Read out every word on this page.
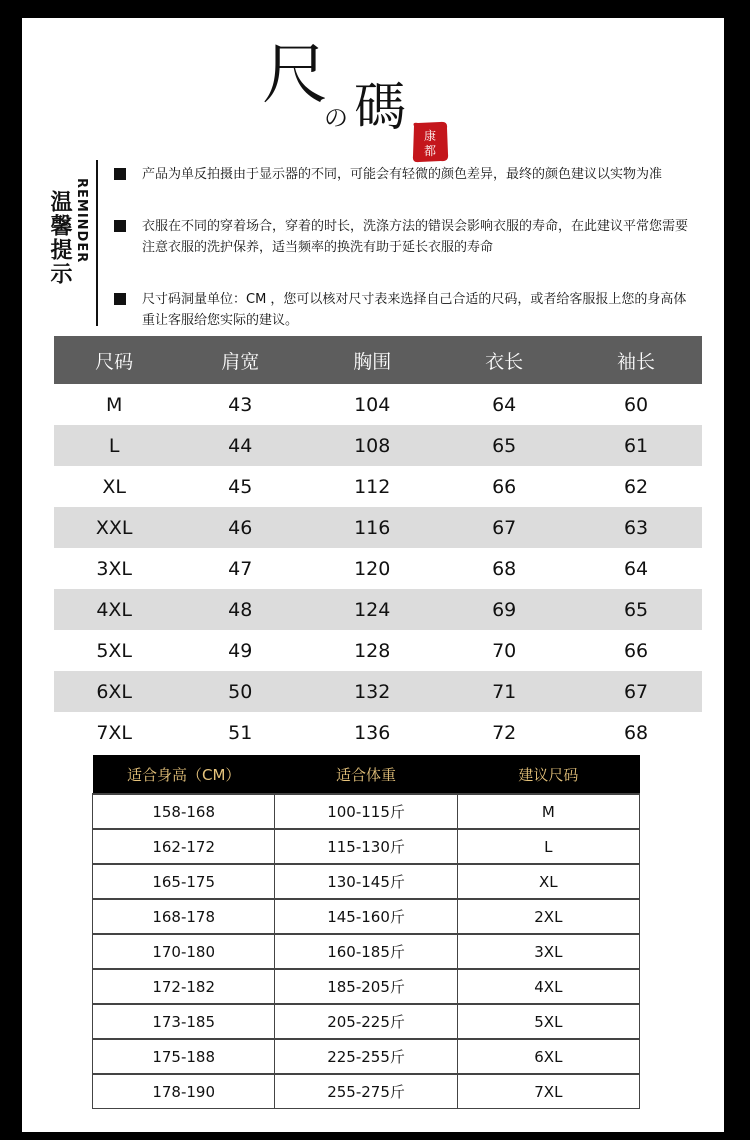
尺
の 碼 康
都
温馨提示 REMINDER
产品为单反拍摄由于显示器的不同，可能会有轻微的颜色差异，最终的颜色建议以实物为准
衣服在不同的穿着场合，穿着的时长，洗涤方法的错误会影响衣服的寿命，在此建议平常您需要注意衣服的洗护保养，适当频率的换洗有助于延长衣服的寿命
尺寸码洞量单位：CM ，您可以核对尺寸表来选择自己合适的尺码，或者给客服报上您的身高体重让客服给您实际的建议。
尺码	肩宽	胸围	衣长	袖长
M	43	104	64	60
L	44	108	65	61
XL	45	112	66	62
XXL	46	116	67	63
3XL	47	120	68	64
4XL	48	124	69	65
5XL	49	128	70	66
6XL	50	132	71	67
7XL	51	136	72	68
适合身高（CM）	适合体重	建议尺码
158-168	100-115斤	M
162-172	115-130斤	L
165-175	130-145斤	XL
168-178	145-160斤	2XL
170-180	160-185斤	3XL
172-182	185-205斤	4XL
173-185	205-225斤	5XL
175-188	225-255斤	6XL
178-190	255-275斤	7XL
